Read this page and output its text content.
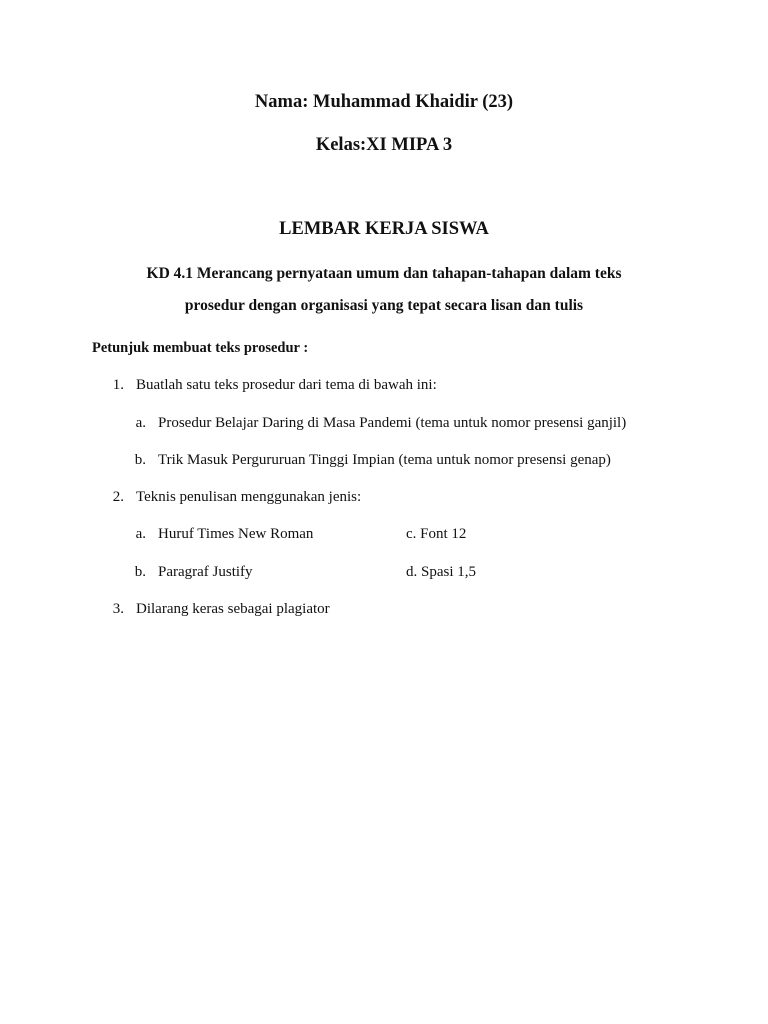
Nama: Muhammad Khaidir (23)

Kelas:XI MIPA 3

LEMBAR KERJA SISWA

KD 4.1 Merancang pernyataan umum dan tahapan-tahapan dalam teks
prosedur dengan organisasi yang tepat secara lisan dan tulis

Petunjuk membuat teks prosedur :

1. Buatlah satu teks prosedur dari tema di bawah ini:
a. Prosedur Belajar Daring di Masa Pandemi (tema untuk nomor presensi ganjil)
b. Trik Masuk Pergururuan Tinggi Impian (tema untuk nomor presensi genap)
2. Teknis penulisan menggunakan jenis:
a. Huruf Times New Roman	c. Font 12
b. Paragraf Justify	d. Spasi 1,5
3. Dilarang keras sebagai plagiator
